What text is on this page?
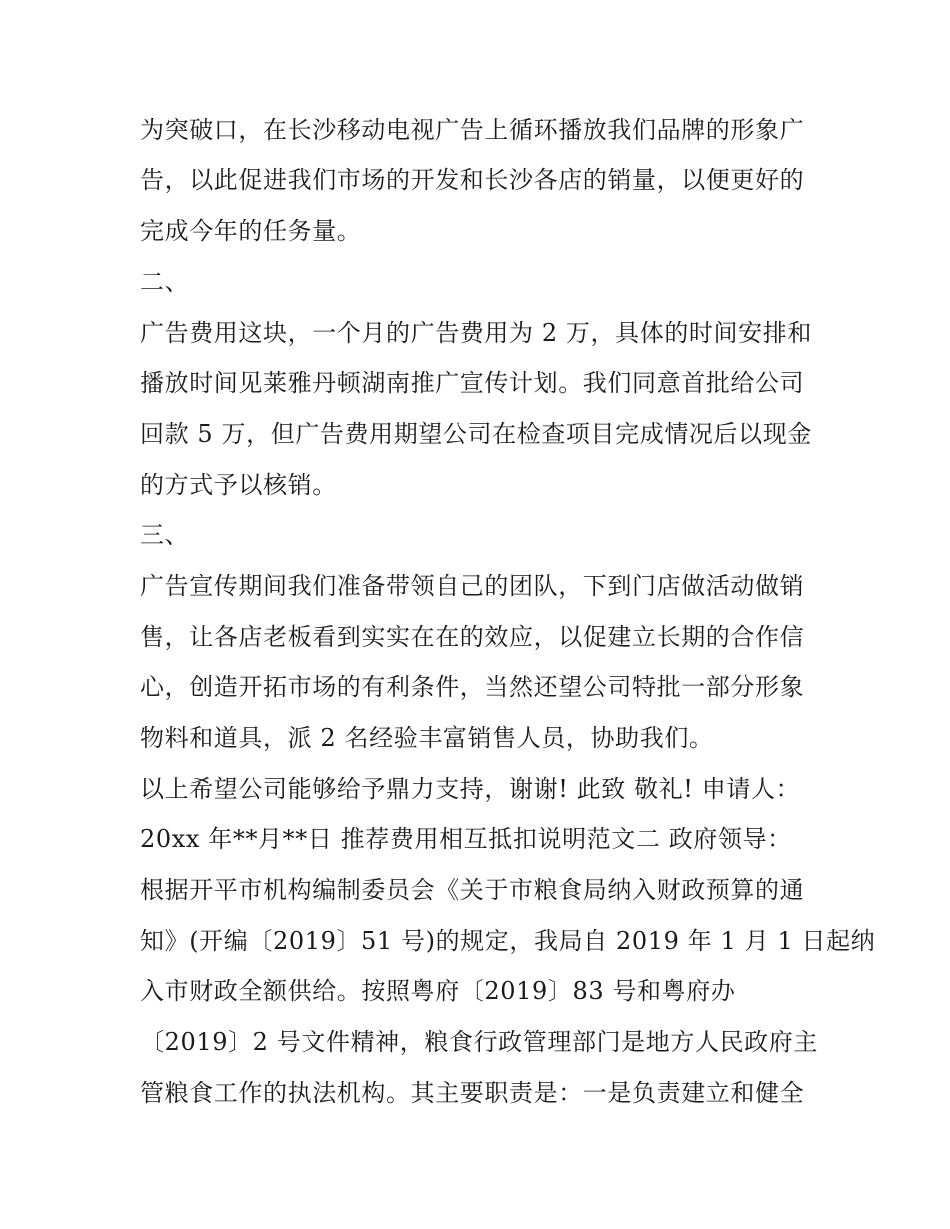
为突破口，在长沙移动电视广告上循环播放我们品牌的形象广
告，以此促进我们市场的开发和长沙各店的销量，以便更好的
完成今年的任务量。
二、
广告费用这块，一个月的广告费用为 2 万，具体的时间安排和
播放时间见莱雅丹顿湖南推广宣传计划。我们同意首批给公司
回款 5 万，但广告费用期望公司在检查项目完成情况后以现金
的方式予以核销。
三、
广告宣传期间我们准备带领自己的团队，下到门店做活动做销
售，让各店老板看到实实在在的效应，以促建立长期的合作信
心，创造开拓市场的有利条件，当然还望公司特批一部分形象
物料和道具，派 2 名经验丰富销售人员，协助我们。
以上希望公司能够给予鼎力支持，谢谢! 此致 敬礼! 申请人：
20xx 年**月**日 推荐费用相互抵扣说明范文二 政府领导：
根据开平市机构编制委员会《关于市粮食局纳入财政预算的通
知》(开编〔2019〕51 号)的规定，我局自 2019 年 1 月 1 日起纳
入市财政全额供给。按照粤府〔2019〕83 号和粤府办
〔2019〕2 号文件精神，粮食行政管理部门是地方人民政府主
管粮食工作的执法机构。其主要职责是：一是负责建立和健全
